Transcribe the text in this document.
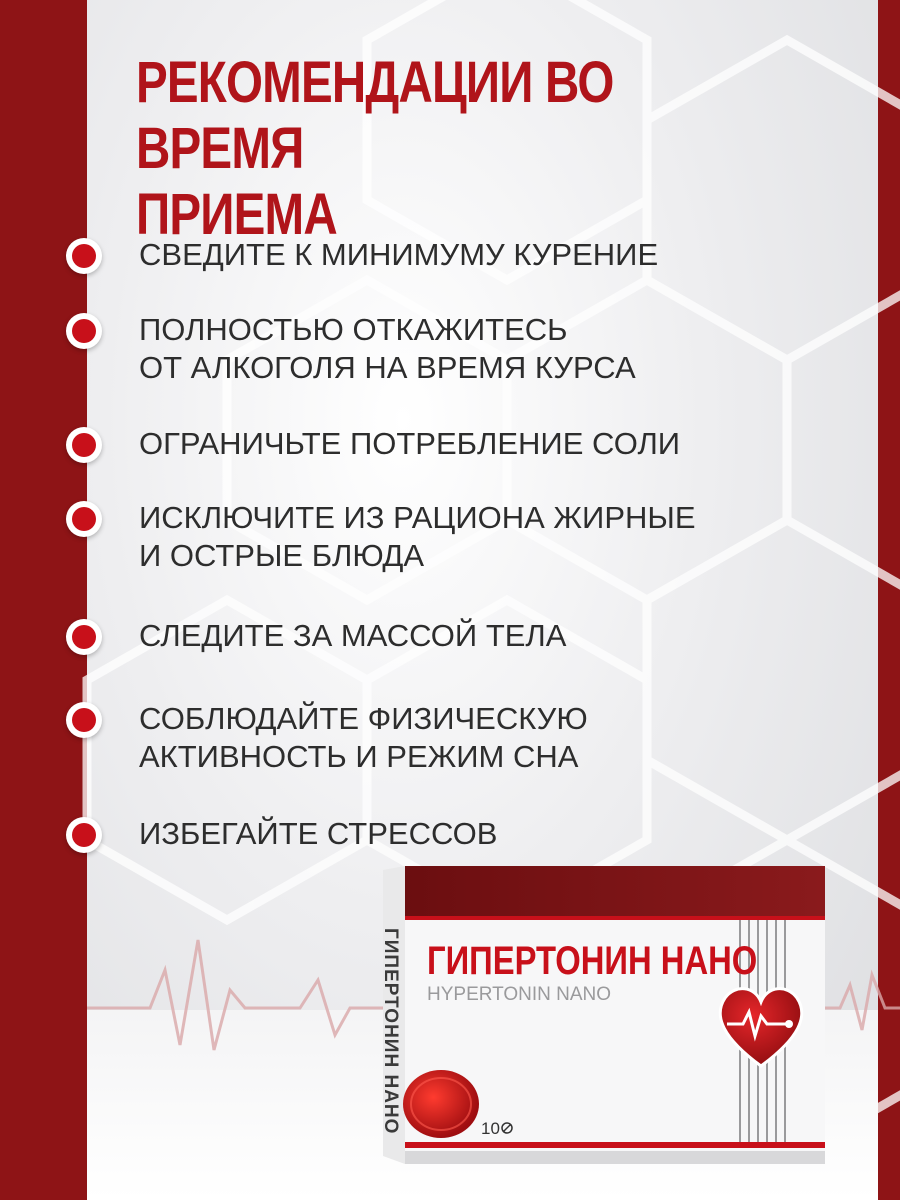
РЕКОМЕНДАЦИИ ВО ВРЕМЯ
ПРИЕМА
СВЕДИТЕ К МИНИМУМУ КУРЕНИЕ
ПОЛНОСТЬЮ ОТКАЖИТЕСЬ
ОТ АЛКОГОЛЯ НА ВРЕМЯ КУРСА
ОГРАНИЧЬТЕ ПОТРЕБЛЕНИЕ СОЛИ
ИСКЛЮЧИТЕ ИЗ РАЦИОНА ЖИРНЫЕ
И ОСТРЫЕ БЛЮДА
СЛЕДИТЕ ЗА МАССОЙ ТЕЛА
СОБЛЮДАЙТЕ ФИЗИЧЕСКУЮ
АКТИВНОСТЬ И РЕЖИМ СНА
ИЗБЕГАЙТЕ СТРЕССОВ
ГИПЕРТОНИН НАНО ГИПЕРТОНИН НАНО
HYPERTONIN NANO
10
